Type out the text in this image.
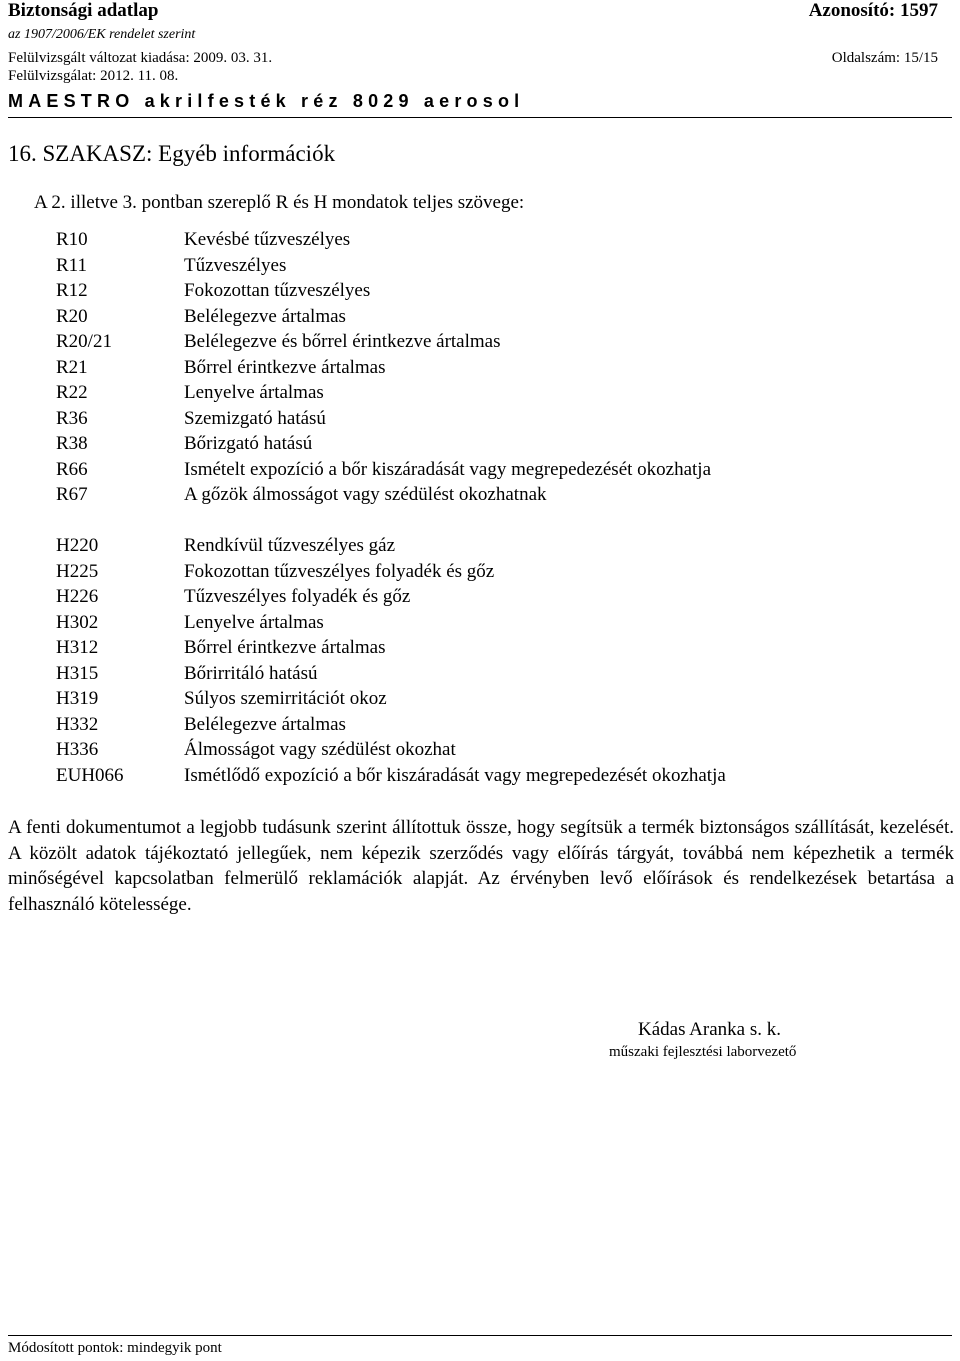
Biztonsági adatlap	Azonosító: 1597
az 1907/2006/EK rendelet szerint
Felülvizsgált változat kiadása: 2009. 03. 31.	Oldalszám: 15/15
Felülvizsgálat: 2012. 11. 08.
MAESTRO akrilfesték réz 8029 aerosol
16. SZAKASZ: Egyéb információk
A 2. illetve 3. pontban szereplő R és H mondatok teljes szövege:
R10	Kevésbé tűzveszélyes
R11	Tűzveszélyes
R12	Fokozottan tűzveszélyes
R20	Belélegezve ártalmas
R20/21	Belélegezve és bőrrel érintkezve ártalmas
R21	Bőrrel érintkezve ártalmas
R22	Lenyelve ártalmas
R36	Szemizgató hatású
R38	Bőrizgató hatású
R66	Ismételt expozíció a bőr kiszáradását vagy megrepedezését okozhatja
R67	A gőzök álmosságot vagy szédülést okozhatnak
H220	Rendkívül tűzveszélyes gáz
H225	Fokozottan tűzveszélyes folyadék és gőz
H226	Tűzveszélyes folyadék és gőz
H302	Lenyelve ártalmas
H312	Bőrrel érintkezve ártalmas
H315	Bőrirritáló hatású
H319	Súlyos szemirritációt okoz
H332	Belélegezve ártalmas
H336	Álmosságot vagy szédülést okozhat
EUH066	Ismétlődő expozíció a bőr kiszáradását vagy megrepedezését okozhatja
A fenti dokumentumot a legjobb tudásunk szerint állítottuk össze, hogy segítsük a termék biztonságos szállítását, kezelését. A közölt adatok tájékoztató jellegűek, nem képezik szerződés vagy előírás tárgyát, továbbá nem képezhetik a termék minőségével kapcsolatban felmerülő reklamációk alapját. Az érvényben levő előírások és rendelkezések betartása a felhasználó kötelessége.
Kádas Aranka s. k.
műszaki fejlesztési laborvezető
Módosított pontok: mindegyik pont
